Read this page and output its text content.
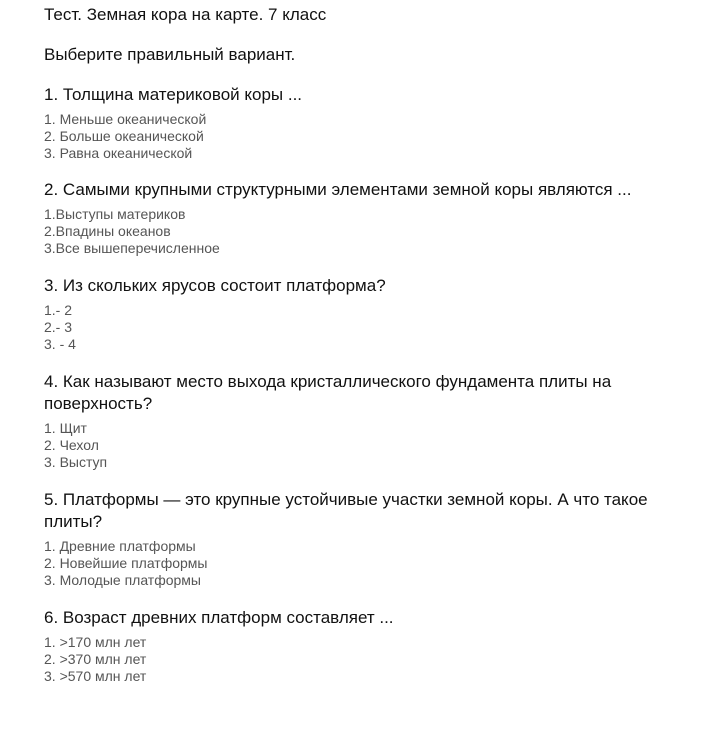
Тест. Земная кора на карте. 7 класс
Выберите правильный вариант.
1. Толщина материковой коры ...
1. Меньше океанической
2. Больше океанической
3. Равна океанической
2. Самыми крупными структурными элементами земной коры являются ...
1.Выступы материков
2.Впадины океанов
3.Все вышеперечисленное
3. Из скольких ярусов состоит платформа?
1.- 2
2.- 3
3. - 4
4. Как называют место выхода кристаллического фундамента плиты на поверхность?
1. Щит
2. Чехол
3. Выступ
5. Платформы — это крупные устойчивые участки земной коры. А что такое плиты?
1. Древние платформы
2. Новейшие платформы
3. Молодые платформы
6. Возраст древних платформ составляет ...
1. >170 млн лет
2. >370 млн лет
3. >570 млн лет
